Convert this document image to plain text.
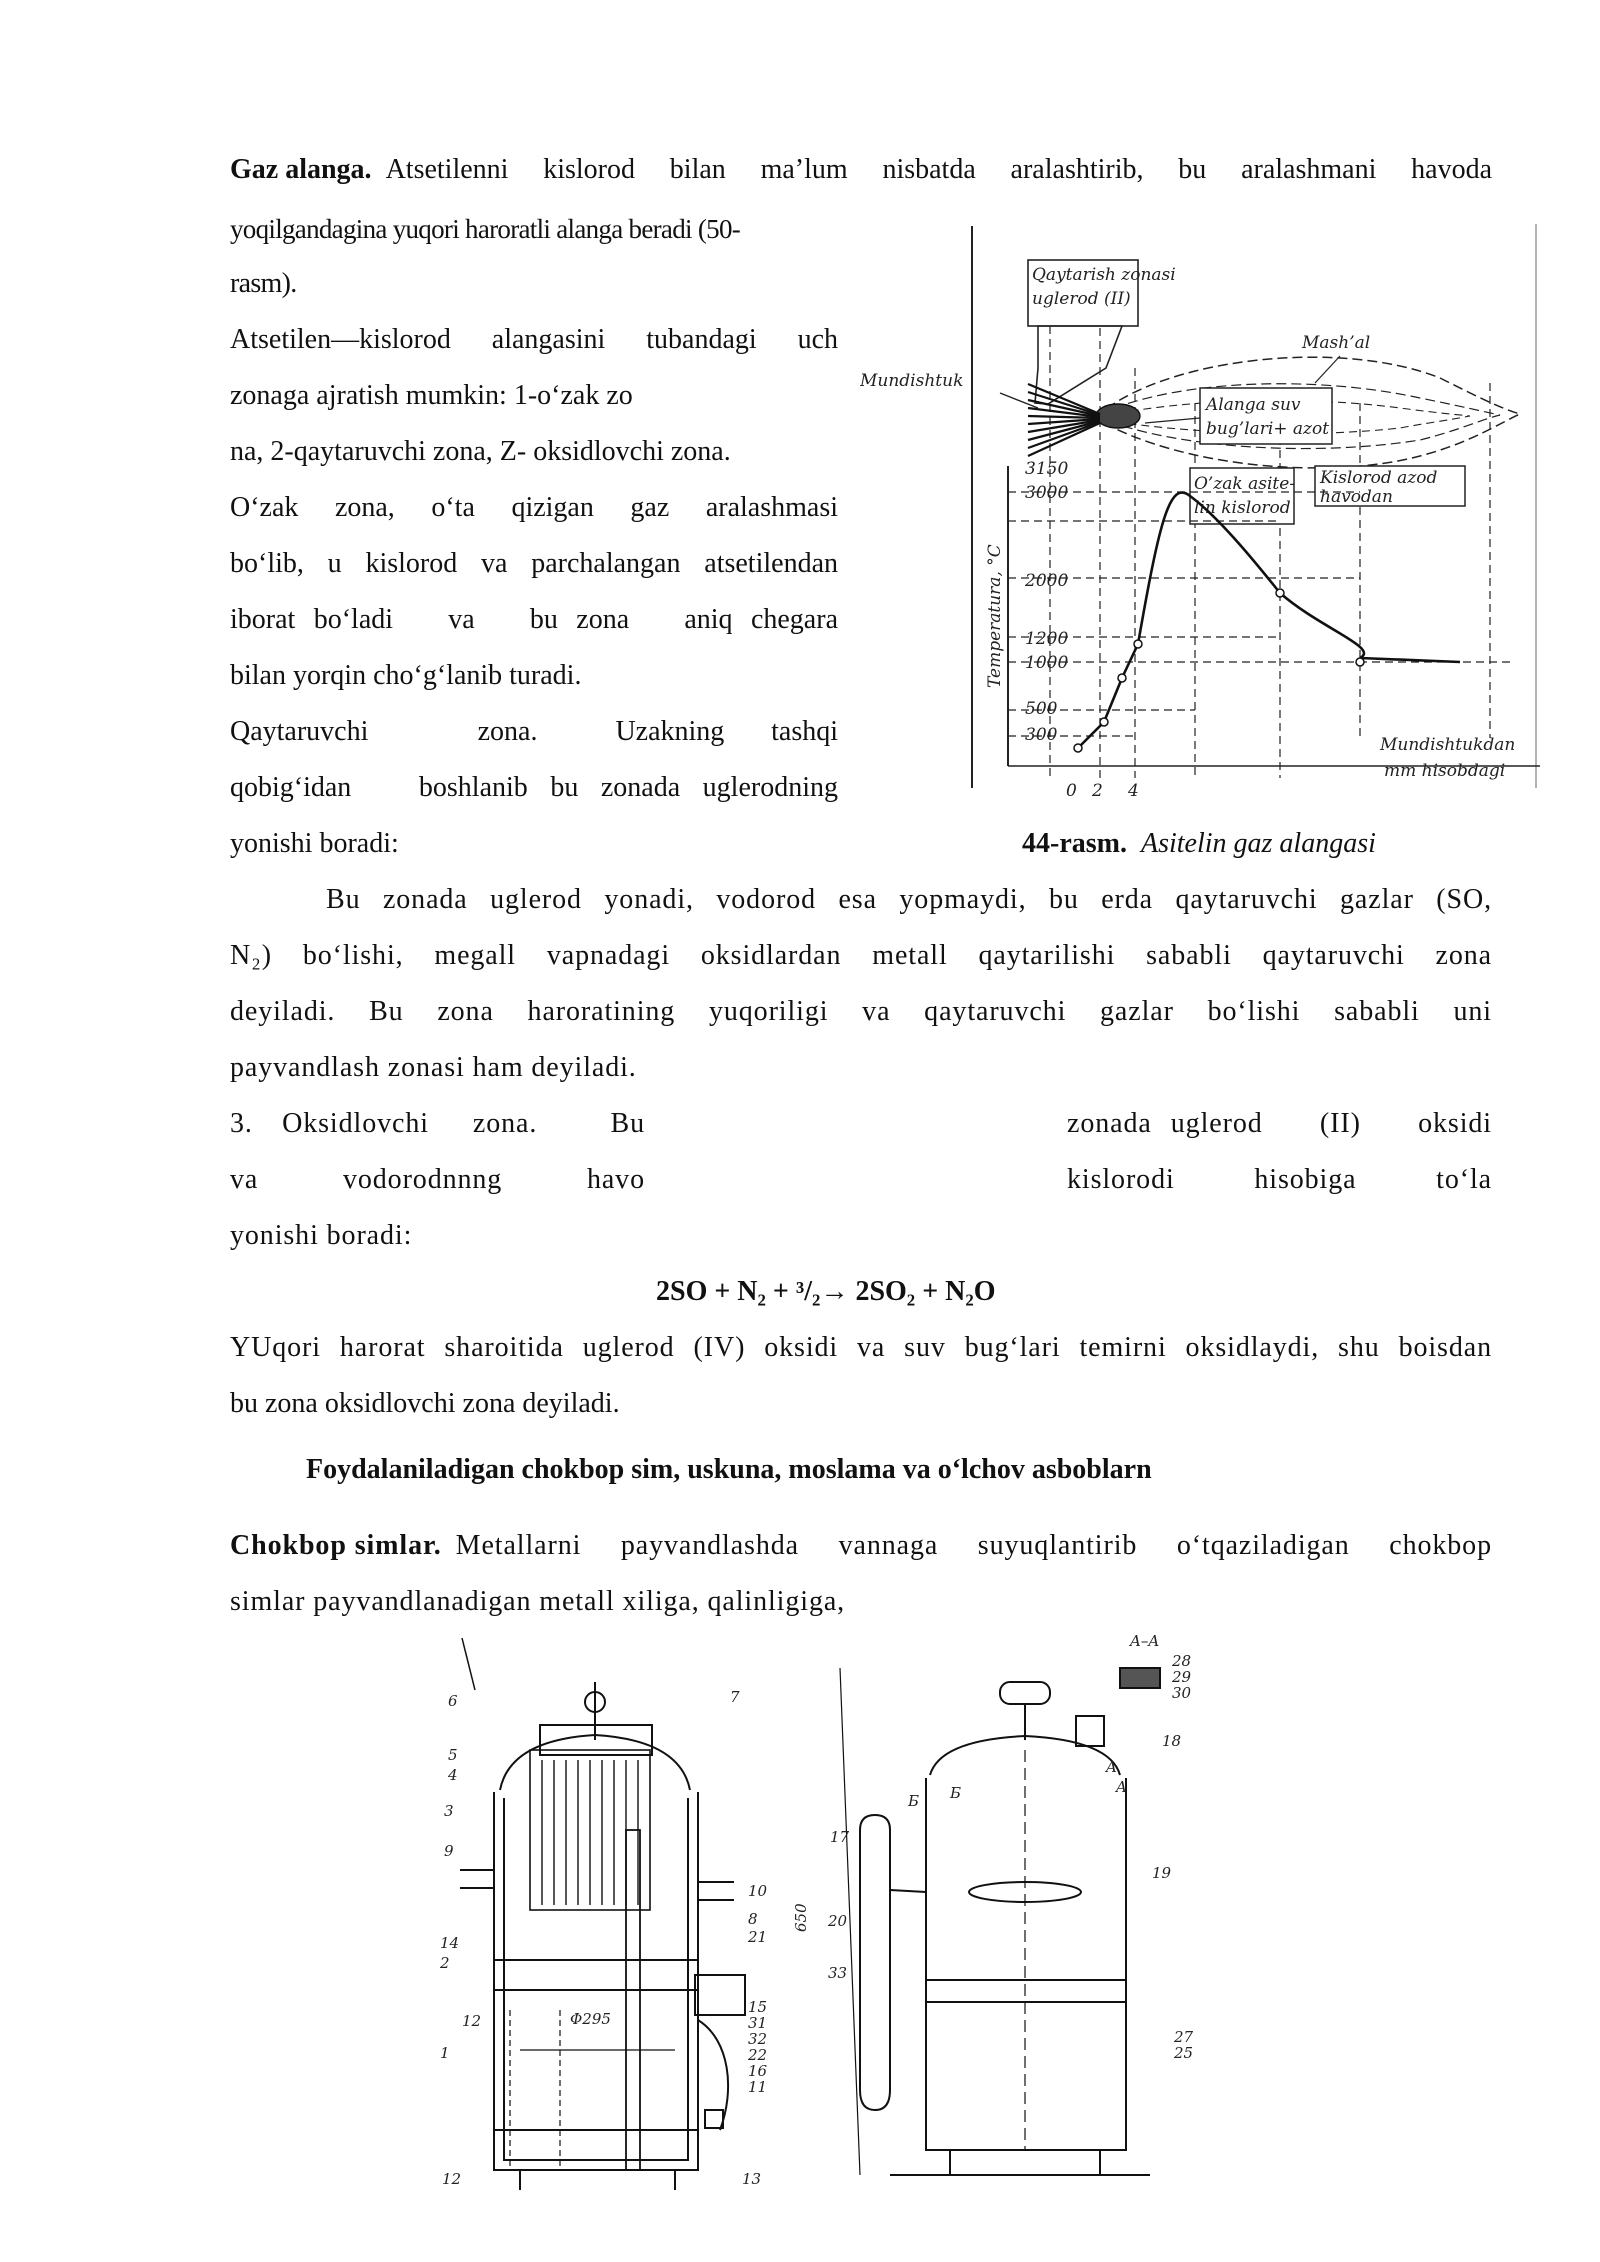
Gaz alanga. Atsetilenni kislorod bilan ma’lum nisbatda aralashtirib, bu aralashmani havoda
yoqilgandagina yuqori haroratli alanga beradi (50-
rasm).
Atsetilen—kislorod alangasini tubandagi uch
zonaga ajratish mumkin: 1-o‘zak zo
na, 2-qaytaruvchi zona, Z- oksidlovchi zona.
O‘zak zona, o‘ta qizigan gaz aralashmasi
bo‘lib, u kislorod va parchalangan atsetilendan
iborat bo‘ladi   va   bu zona   aniq chegara
bilan yorqin cho‘g‘lanib turadi.
Qaytaruvchi       zona.     Uzakning   tashqi
qobig‘idan   boshlanib bu zonada uglerodning
yonishi boradi:
Qaytarish zonasi
uglerod (II)
Mundishtuk
Mash’al
Alanga suv
bug’lari+ azot
O’zak asite-
lin kislorod
Kislorod azod
havodan
3150
3000
2000
1200
1000
500
300
Temperatura, °C
0 2 4
Mundishtukdan
mm hisobdagi
44-rasm. Asitelin gaz alangasi
Bu zonada uglerod yonadi, vodorod esa yopmaydi, bu erda qaytaruvchi gazlar (SO,
N₂) bo‘lishi, megall vapnadagi oksidlardan metall qaytarilishi sababli qaytaruvchi zona
deyiladi. Bu zona haroratining yuqoriligi va qaytaruvchi gazlar bo‘lishi sababli uni
payvandlash zonasi ham deyiladi.
3.  Oksidlovchi   zona.     Bu	zonada uglerod   (II)   oksidi
va       vodorodnnng       havo	kislorodi      hisobiga      to‘la
yonishi boradi:
2SO + N₂ + ³/₂→ 2SO₂ + N₂O
YUqori harorat sharoitida uglerod (IV) oksidi va suv bug‘lari temirni oksidlaydi, shu boisdan
bu zona oksidlovchi zona deyiladi.
Foydalaniladigan chokbop sim, uskuna, moslama va o‘lchov asboblarn
Chokbop simlar. Metallarni payvandlashda vannaga suyuqlantirib o‘tqaziladigan chokbop
simlar payvandlanadigan metall xiliga, qalinligiga,
6
5
4
3
9
14
2
12
1
12
Φ295
7
10
8
21
15
31
32
22
16
11
13
A–A
650
28
29
30
18
19
17
20
33
27
25
Б
Б
A
A
